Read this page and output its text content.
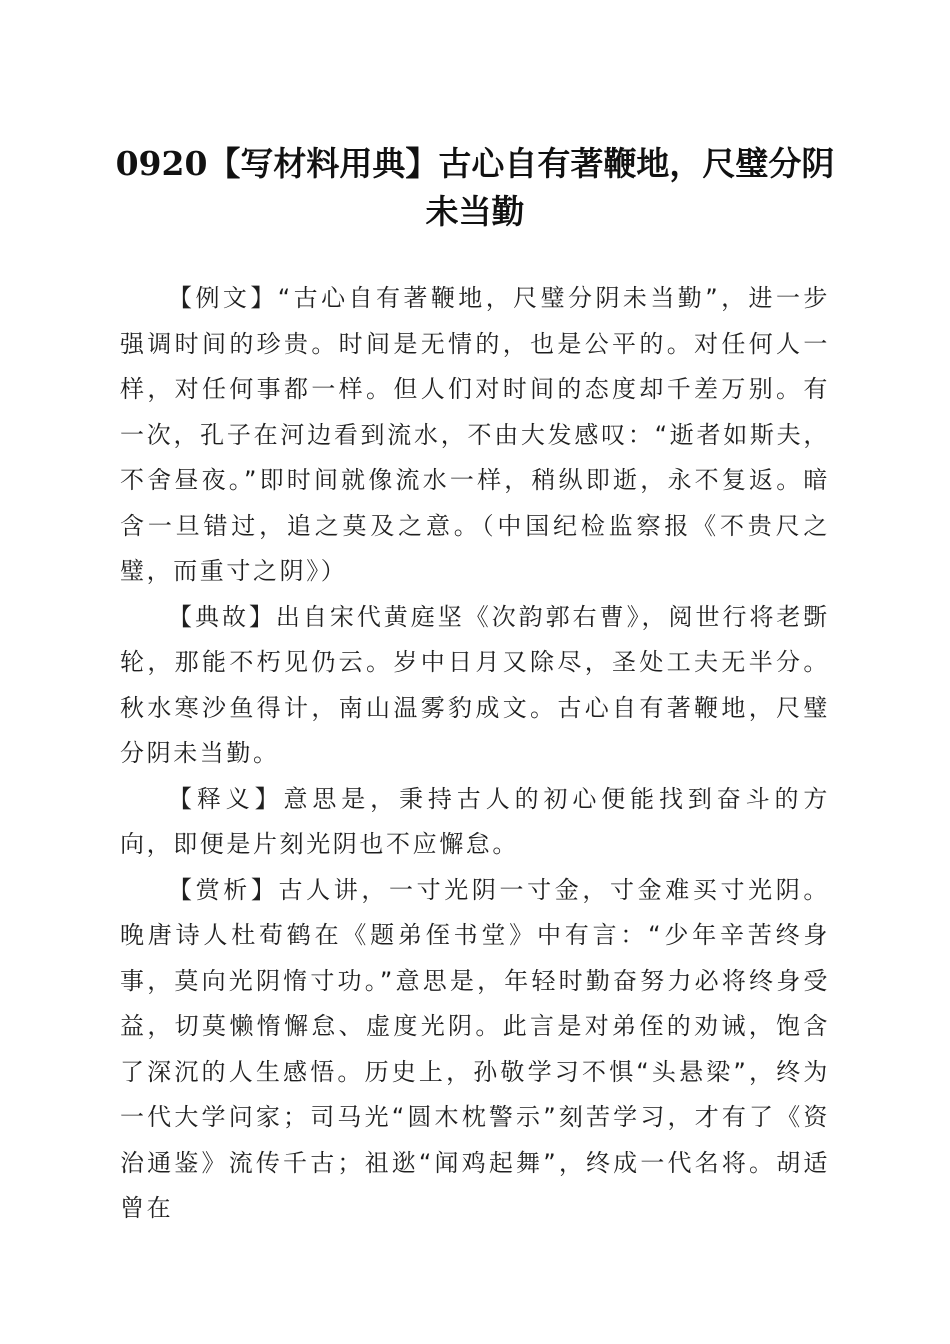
0920【写材料用典】古心自有著鞭地，尺璧分阴未当勤

【例文】“古心自有著鞭地，尺璧分阴未当勤”，进一步强调时间的珍贵。时间是无情的，也是公平的。对任何人一样，对任何事都一样。但人们对时间的态度却千差万别。有一次，孔子在河边看到流水，不由大发感叹：“逝者如斯夫，不舍昼夜。”即时间就像流水一样，稍纵即逝，永不复返。暗含一旦错过，追之莫及之意。（中国纪检监察报《不贵尺之璧，而重寸之阴》）

【典故】出自宋代黄庭坚《次韵郭右曹》，阅世行将老斲轮，那能不朽见仍云。岁中日月又除尽，圣处工夫无半分。秋水寒沙鱼得计，南山温雾豹成文。古心自有著鞭地，尺璧分阴未当勤。

【释义】意思是，秉持古人的初心便能找到奋斗的方向，即便是片刻光阴也不应懈怠。

【赏析】古人讲，一寸光阴一寸金，寸金难买寸光阴。晚唐诗人杜荀鹤在《题弟侄书堂》中有言：“少年辛苦终身事，莫向光阴惰寸功。”意思是，年轻时勤奋努力必将终身受益，切莫懒惰懈怠、虚度光阴。此言是对弟侄的劝诫，饱含了深沉的人生感悟。历史上，孙敬学习不惧“头悬梁”，终为一代大学问家；司马光“圆木枕警示”刻苦学习，才有了《资治通鉴》流传千古；祖逖“闻鸡起舞”，终成一代名将。胡适曾在
